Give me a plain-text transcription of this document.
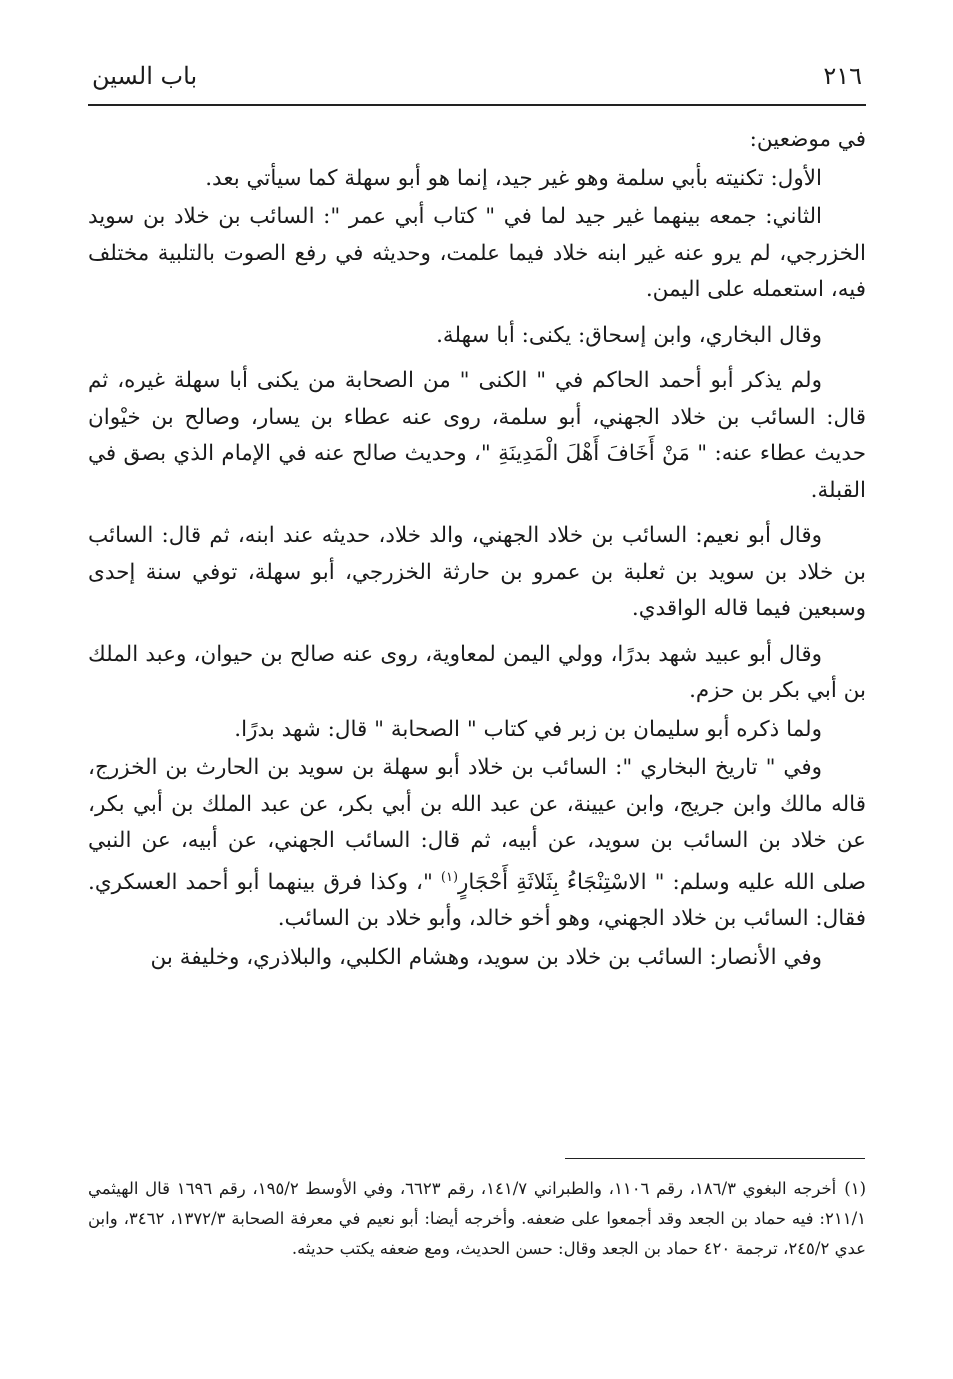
٢١٦
باب السين

في موضعين:

الأول: تكنيته بأبي سلمة وهو غير جيد، إنما هو أبو سهلة كما سيأتي بعد.

الثاني: جمعه بينهما غير جيد لما في " كتاب أبي عمر ": السائب بن خلاد بن سويد الخزرجي، لم يرو عنه غير ابنه خلاد فيما علمت، وحديثه في رفع الصوت بالتلبية مختلف فيه، استعمله على اليمن.

وقال البخاري، وابن إسحاق: يكنى: أبا سهلة.

ولم يذكر أبو أحمد الحاكم في " الكنى " من الصحابة من يكنى أبا سهلة غيره، ثم قال: السائب بن خلاد الجهني، أبو سلمة، روى عنه عطاء بن يسار، وصالح بن خيْوان حديث عطاء عنه: " مَنْ أَخَافَ أَهْلَ الْمَدِينَةِ "، وحديث صالح عنه في الإمام الذي بصق في القبلة.

وقال أبو نعيم: السائب بن خلاد الجهني، والد خلاد، حديثه عند ابنه، ثم قال: السائب بن خلاد بن سويد بن ثعلبة بن عمرو بن حارثة الخزرجي، أبو سهلة، توفي سنة إحدى وسبعين فيما قاله الواقدي.

وقال أبو عبيد شهد بدرًا، وولي اليمن لمعاوية، روى عنه صالح بن حيوان، وعبد الملك بن أبي بكر بن حزم.

ولما ذكره أبو سليمان بن زبر في كتاب " الصحابة " قال: شهد بدرًا.

وفي " تاريخ البخاري ": السائب بن خلاد أبو سهلة بن سويد بن الحارث بن الخزرج، قاله مالك وابن جريج، وابن عيينة، عن عبد الله بن أبي بكر، عن عبد الملك بن أبي بكر، عن خلاد بن السائب بن سويد، عن أبيه، ثم قال: السائب الجهني، عن أبيه، عن النبي صلى الله عليه وسلم: " الاسْتِنْجَاءُ بِثَلاثَةِ أَحْجَارٍ$^{(١)}$ "، وكذا فرق بينهما أبو أحمد العسكري. فقال: السائب بن خلاد الجهني، وهو أخو خالد، وأبو خلاد بن السائب.

وفي الأنصار: السائب بن خلاد بن سويد، وهشام الكلبي، والبلاذري، وخليفة بن

(١)أخرجه البغوي ١٨٦/٣، رقم ١١٠٦، والطبراني ١٤١/٧، رقم ٦٦٢٣، وفي الأوسط ١٩٥/٢، رقم ١٦٩٦ قال الهيثمي ٢١١/١: فيه حماد بن الجعد وقد أجمعوا على ضعفه. وأخرجه أيضا: أبو نعيم في معرفة الصحابة ١٣٧٢/٣، ٣٤٦٢، وابن عدي ٢٤٥/٢، ترجمة ٤٢٠ حماد بن الجعد وقال: حسن الحديث، ومع ضعفه يكتب حديثه.
